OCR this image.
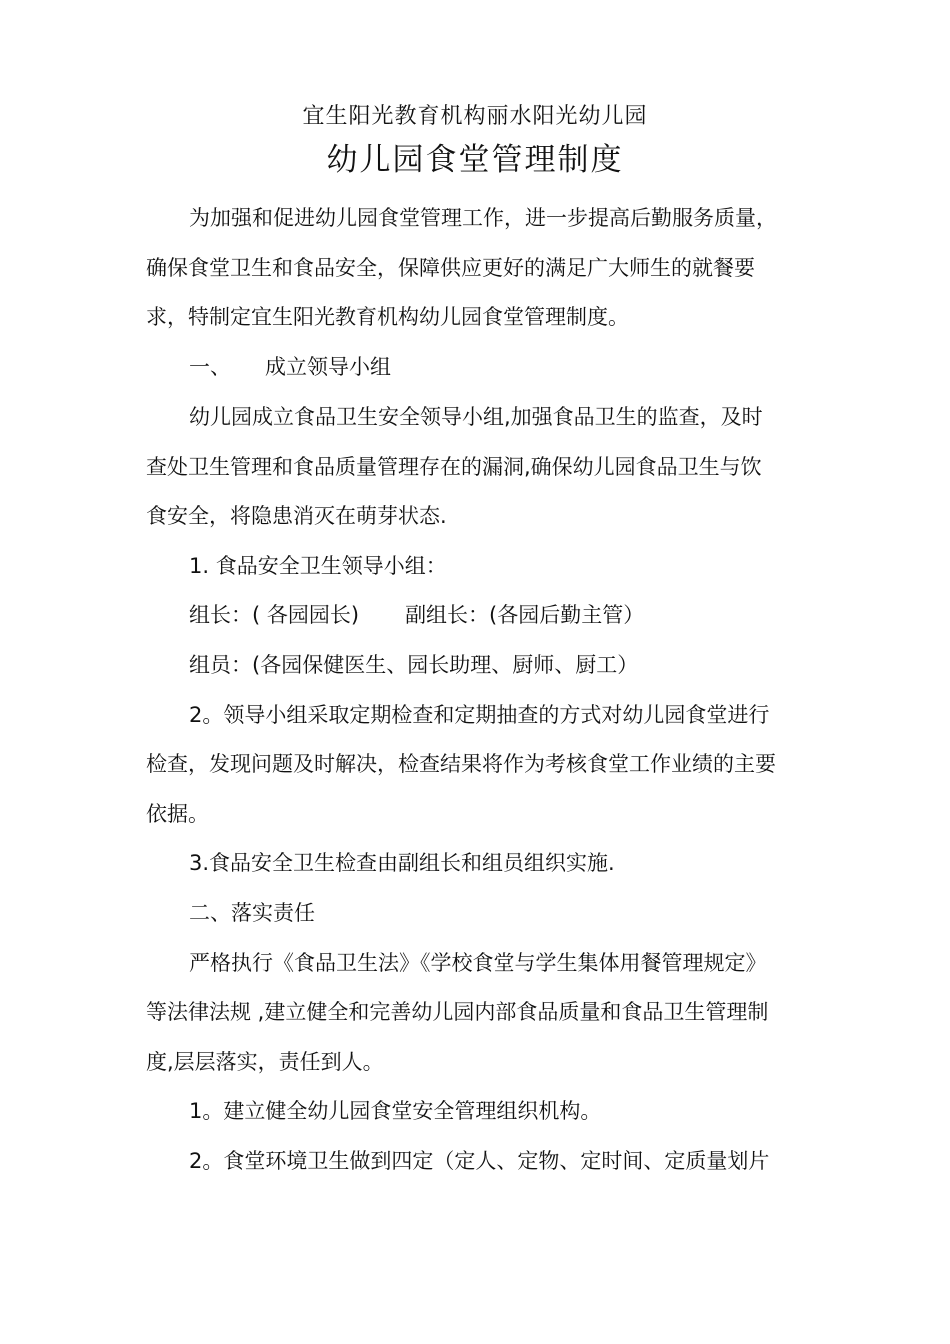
宜生阳光教育机构丽水阳光幼儿园
幼儿园食堂管理制度
为加强和促进幼儿园食堂管理工作，进一步提高后勤服务质量，
确保食堂卫生和食品安全，保障供应更好的满足广大师生的就餐要
求，特制定宜生阳光教育机构幼儿园食堂管理制度。
一、 成立领导小组
幼儿园成立食品卫生安全领导小组,加强食品卫生的监查，及时
查处卫生管理和食品质量管理存在的漏洞,确保幼儿园食品卫生与饮
食安全，将隐患消灭在萌芽状态.
1. 食品安全卫生领导小组：
组长：( 各园园长) 副组长：(各园后勤主管）
组员：(各园保健医生、园长助理、厨师、厨工）
2。领导小组采取定期检查和定期抽查的方式对幼儿园食堂进行
检查，发现问题及时解决，检查结果将作为考核食堂工作业绩的主要
依据。
3.食品安全卫生检查由副组长和组员组织实施.
二、落实责任
严格执行《食品卫生法》《学校食堂与学生集体用餐管理规定》
等法律法规 ,建立健全和完善幼儿园内部食品质量和食品卫生管理制
度,层层落实，责任到人。
1。建立健全幼儿园食堂安全管理组织机构。
2。食堂环境卫生做到四定（定人、定物、定时间、定质量划片
